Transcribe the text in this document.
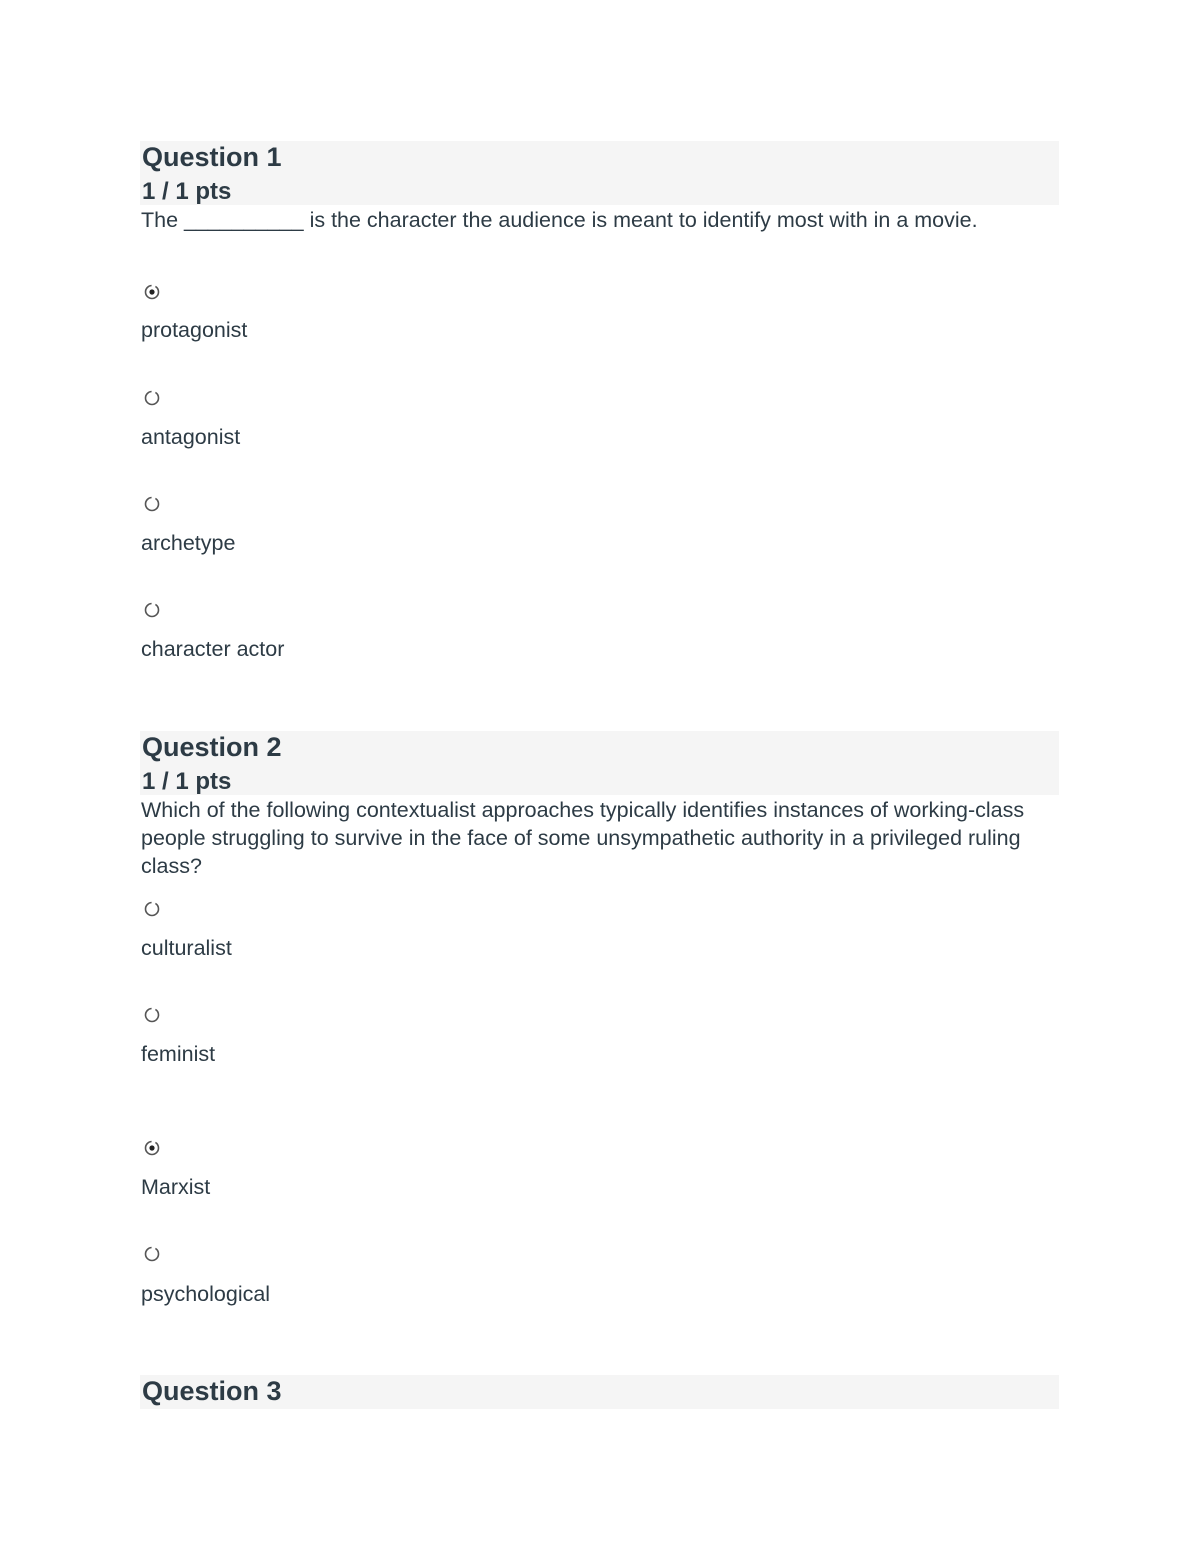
Question 1
1 / 1 pts
The __________ is the character the audience is meant to identify most with in a movie.
protagonist
antagonist
archetype
character actor
Question 2
1 / 1 pts
Which of the following contextualist approaches typically identifies instances of working-class people struggling to survive in the face of some unsympathetic authority in a privileged ruling class?
culturalist
feminist
Marxist
psychological
Question 3
